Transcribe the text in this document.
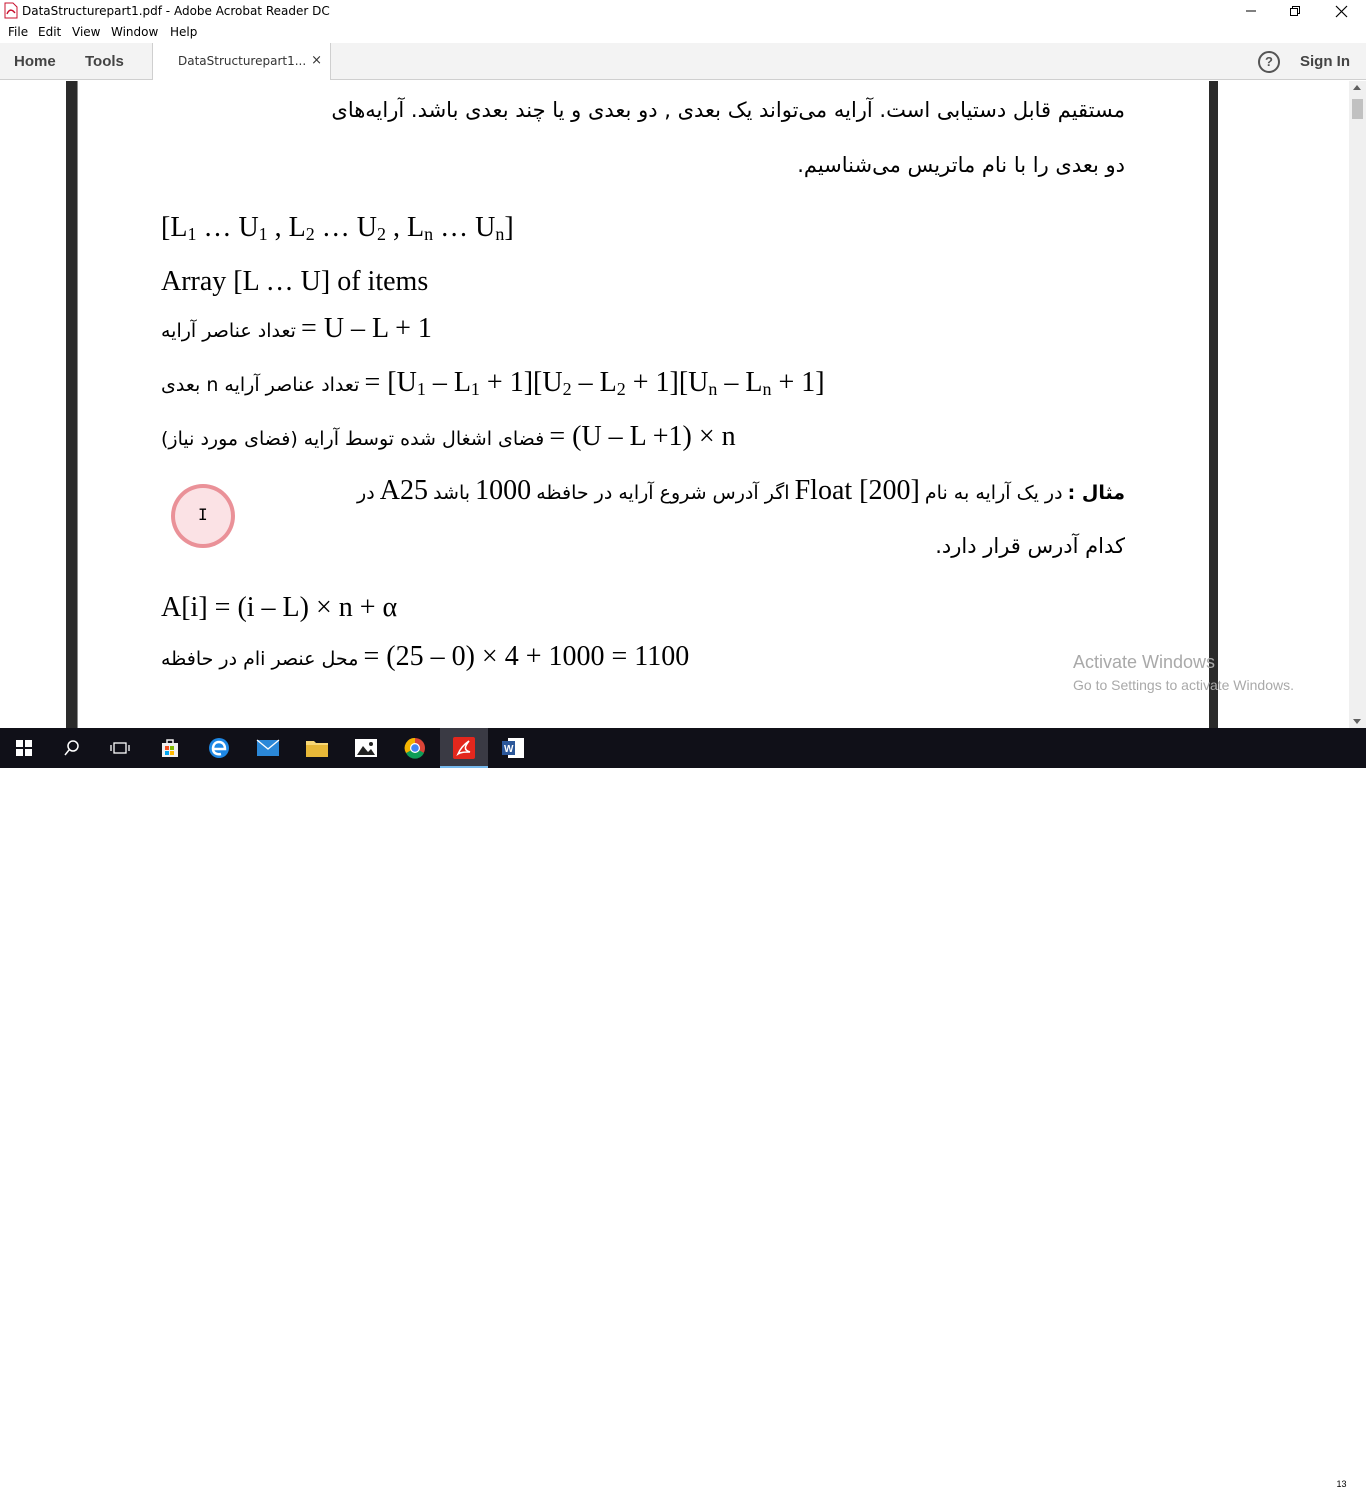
DataStructurepart1.pdf - Adobe Acrobat Reader DC
File Edit View Window Help
Home Tools	DataStructurepart1... ×	?	Sign In
مستقیم قابل دستیابی است. آرایه می‌تواند یک بعدی , دو بعدی و یا چند بعدی باشد. آرایه‌های
دو بعدی را با نام ماتریس می‌شناسیم.
[$L_1$ … $U_1$ , $L_2$ … $U_2$ , $L_n$ … $U_n$]
Array [L … U] of items
تعداد عناصر آرایه = U – L + 1
تعداد عناصر آرایه n بعدی = $[U_1 - L_1 + 1][U_2 - L_2 + 1][U_n - L_n + 1]$
فضای اشغال شده توسط آرایه (فضای مورد نیاز) = (U – L +1) × n
مثال : در یک آرایه به نام Float [200] اگر آدرس شروع آرایه در حافظه 1000 باشد A25 در
کدام آدرس قرار دارد.
A[i] = (i – L) × n + α
محل عنصر iام در حافظه = (25 – 0) × 4 + 1000 = 1100
I
Activate Windows
Go to Settings to activate Windows.
W
☺ ⌃ ☁ ▭ ≋ ♪ ⌨ ENG
9:32 AM
3/13/2020	13
